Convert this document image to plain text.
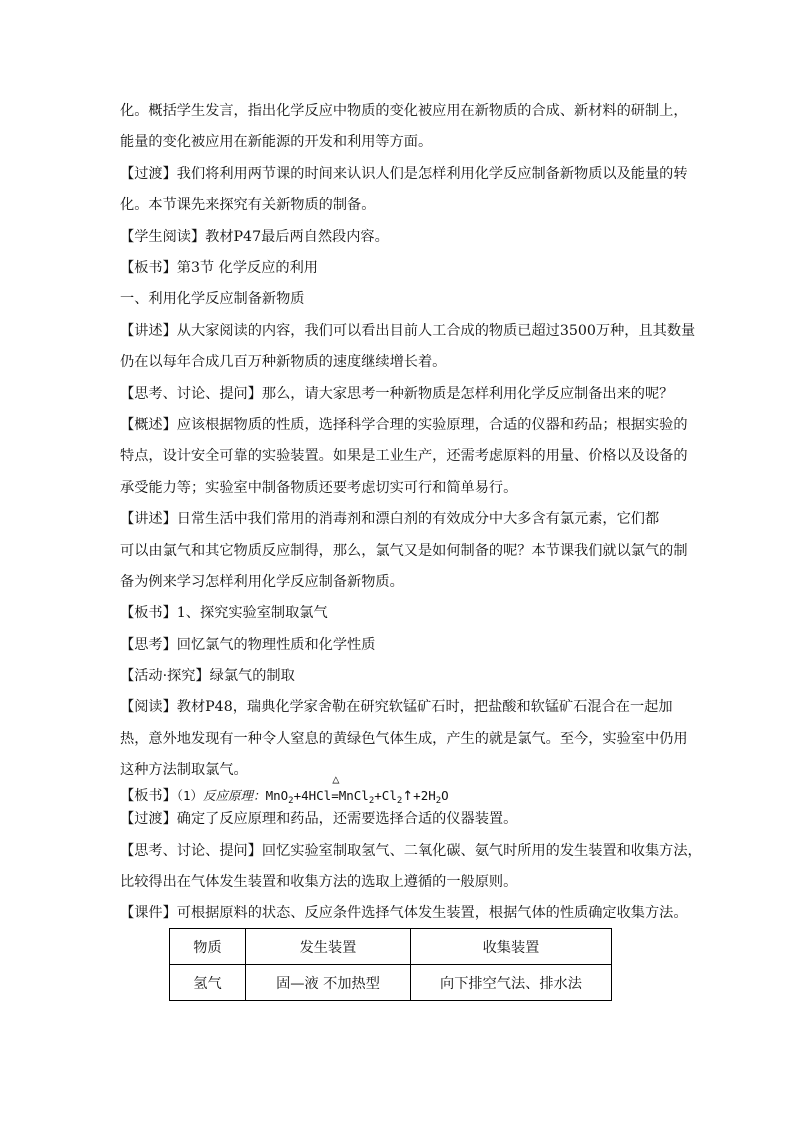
化。概括学生发言，指出化学反应中物质的变化被应用在新物质的合成、新材料的研制上，
能量的变化被应用在新能源的开发和利用等方面。
【过渡】我们将利用两节课的时间来认识人们是怎样利用化学反应制备新物质以及能量的转
化。本节课先来探究有关新物质的制备。
【学生阅读】教材P47最后两自然段内容。
【板书】第3节 化学反应的利用
一、利用化学反应制备新物质
【讲述】从大家阅读的内容，我们可以看出目前人工合成的物质已超过3500万种，且其数量
仍在以每年合成几百万种新物质的速度继续增长着。
【思考、讨论、提问】那么，请大家思考一种新物质是怎样利用化学反应制备出来的呢？
【概述】应该根据物质的性质，选择科学合理的实验原理，合适的仪器和药品；根据实验的
特点，设计安全可靠的实验装置。如果是工业生产，还需考虑原料的用量、价格以及设备的
承受能力等；实验室中制备物质还要考虑切实可行和简单易行。
【讲述】日常生活中我们常用的消毒剂和漂白剂的有效成分中大多含有氯元素，它们都
可以由氯气和其它物质反应制得，那么，氯气又是如何制备的呢？本节课我们就以氯气的制
备为例来学习怎样利用化学反应制备新物质。
【板书】1、探究实验室制取氯气
【思考】回忆氯气的物理性质和化学性质
【活动·探究】绿氯气的制取
【阅读】教材P48，瑞典化学家舍勒在研究软锰矿石时，把盐酸和软锰矿石混合在一起加
热，意外地发现有一种令人窒息的黄绿色气体生成，产生的就是氯气。至今，实验室中仍用
这种方法制取氯气。
【板书】（1）反应原理：MnO$_2$+4HCl
△
$=MnCl_2+Cl_2↑+2H_2O$
【过渡】确定了反应原理和药品，还需要选择合适的仪器装置。
【思考、讨论、提问】回忆实验室制取氢气、二氧化碳、氨气时所用的发生装置和收集方法，
比较得出在气体发生装置和收集方法的选取上遵循的一般原则。
【课件】可根据原料的状态、反应条件选择气体发生装置，根据气体的性质确定收集方法。
物质	发生装置	收集装置
氢气	固—液 不加热型	向下排空气法、排水法
